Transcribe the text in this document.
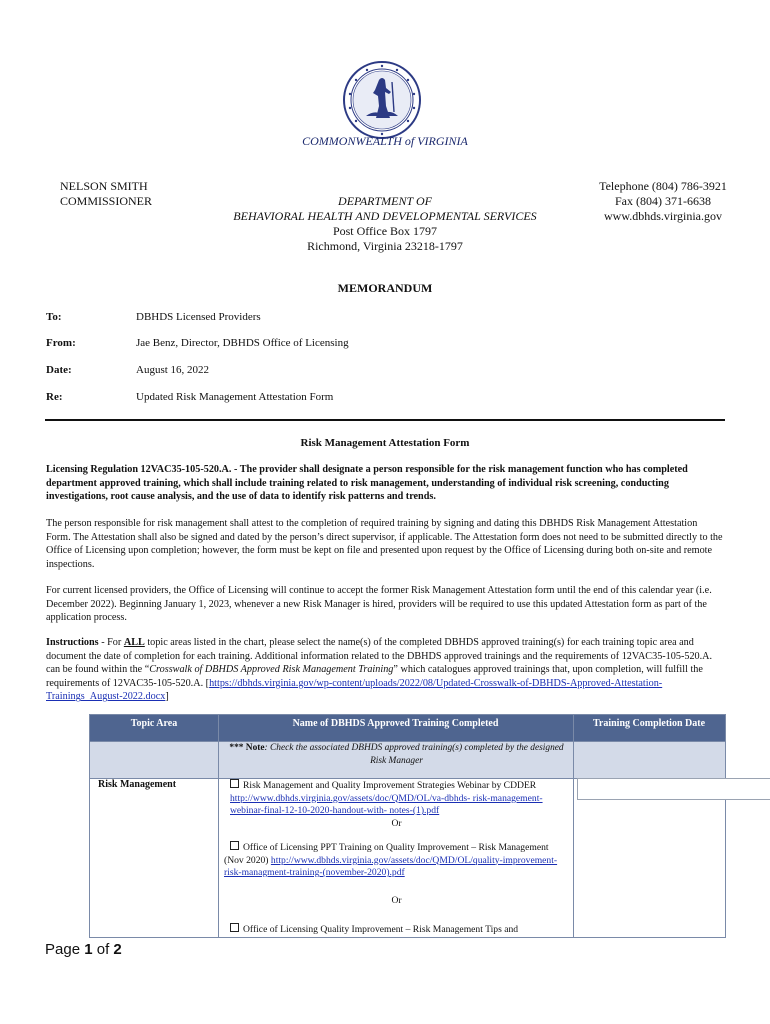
COMMONWEALTH of VIRGINIA
NELSON SMITH
COMMISSIONER	DEPARTMENT OF
BEHAVIORAL HEALTH AND DEVELOPMENTAL SERVICES
Post Office Box 1797
Richmond, Virginia 23218-1797
Telephone (804) 786-3921
Fax (804) 371-6638
www.dbhds.virginia.gov
MEMORANDUM
To:	DBHDS Licensed Providers
From:	Jae Benz, Director, DBHDS Office of Licensing
Date:	August 16, 2022
Re:	Updated Risk Management Attestation Form
Risk Management Attestation Form
Licensing Regulation 12VAC35-105-520.A. - The provider shall designate a person responsible for the risk management function who has completed department approved training, which shall include training related to risk management, understanding of individual risk screening, conducting investigations, root cause analysis, and the use of data to identify risk patterns and trends.
The person responsible for risk management shall attest to the completion of required training by signing and dating this DBHDS Risk Management Attestation Form. The Attestation shall also be signed and dated by the person’s direct supervisor, if applicable. The Attestation form does not need to be submitted directly to the Office of Licensing upon completion; however, the form must be kept on file and presented upon request by the Office of Licensing during both on-site and remote inspections.
For current licensed providers, the Office of Licensing will continue to accept the former Risk Management Attestation form until the end of this calendar year (i.e. December 2022). Beginning January 1, 2023, whenever a new Risk Manager is hired, providers will be required to use this updated Attestation form as part of the application process.
Instructions - For ALL topic areas listed in the chart, please select the name(s) of the completed DBHDS approved training(s) for each training topic area and document the date of completion for each training. Additional information related to the DBHDS approved trainings and the requirements of 12VAC35-105-520.A. can be found within the “Crosswalk of DBHDS Approved Risk Management Training” which catalogues approved trainings that, upon completion, will fulfill the requirements of 12VAC35-105-520.A. [https://dbhds.virginia.gov/wp-content/uploads/2022/08/Updated-Crosswalk-of-DBHDS-Approved-Attestation-Trainings_August-2022.docx]
Topic Area	Name of DBHDS Approved Training Completed	Training Completion Date
*** Note: Check the associated DBHDS approved training(s) completed by the designed Risk Manager
Risk Management	Risk Management and Quality Improvement Strategies Webinar by CDDER
http://www.dbhds.virginia.gov/assets/doc/QMD/OL/va-dbhds- risk-management-webinar-final-12-10-2020-handout-with- notes-(1).pdf
Or
Office of Licensing PPT Training on Quality Improvement – Risk Management (Nov 2020) http://www.dbhds.virginia.gov/assets/doc/QMD/OL/quality-improvement-risk-managment-training-(november-2020).pdf
Or
Office of Licensing Quality Improvement – Risk Management Tips and
Page 1 of 2
